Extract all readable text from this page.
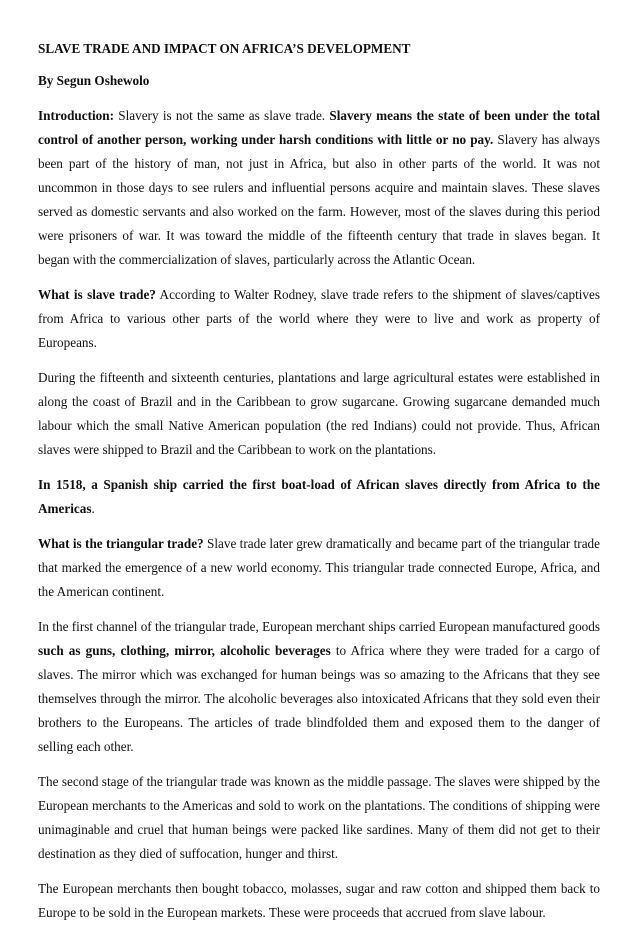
SLAVE TRADE AND IMPACT ON AFRICA’S DEVELOPMENT
By Segun Oshewolo

Introduction: Slavery is not the same as slave trade. Slavery means the state of been under the total control of another person, working under harsh conditions with little or no pay. Slavery has always been part of the history of man, not just in Africa, but also in other parts of the world. It was not uncommon in those days to see rulers and influential persons acquire and maintain slaves. These slaves served as domestic servants and also worked on the farm. However, most of the slaves during this period were prisoners of war. It was toward the middle of the fifteenth century that trade in slaves began. It began with the commercialization of slaves, particularly across the Atlantic Ocean.

What is slave trade? According to Walter Rodney, slave trade refers to the shipment of slaves/captives from Africa to various other parts of the world where they were to live and work as property of Europeans.

During the fifteenth and sixteenth centuries, plantations and large agricultural estates were established in along the coast of Brazil and in the Caribbean to grow sugarcane. Growing sugarcane demanded much labour which the small Native American population (the red Indians) could not provide. Thus, African slaves were shipped to Brazil and the Caribbean to work on the plantations.

In 1518, a Spanish ship carried the first boat-load of African slaves directly from Africa to the Americas.

What is the triangular trade? Slave trade later grew dramatically and became part of the triangular trade that marked the emergence of a new world economy. This triangular trade connected Europe, Africa, and the American continent.

In the first channel of the triangular trade, European merchant ships carried European manufactured goods such as guns, clothing, mirror, alcoholic beverages to Africa where they were traded for a cargo of slaves. The mirror which was exchanged for human beings was so amazing to the Africans that they see themselves through the mirror. The alcoholic beverages also intoxicated Africans that they sold even their brothers to the Europeans. The articles of trade blindfolded them and exposed them to the danger of selling each other.

The second stage of the triangular trade was known as the middle passage. The slaves were shipped by the European merchants to the Americas and sold to work on the plantations. The conditions of shipping were unimaginable and cruel that human beings were packed like sardines. Many of them did not get to their destination as they died of suffocation, hunger and thirst.

The European merchants then bought tobacco, molasses, sugar and raw cotton and shipped them back to Europe to be sold in the European markets. These were proceeds that accrued from slave labour.
